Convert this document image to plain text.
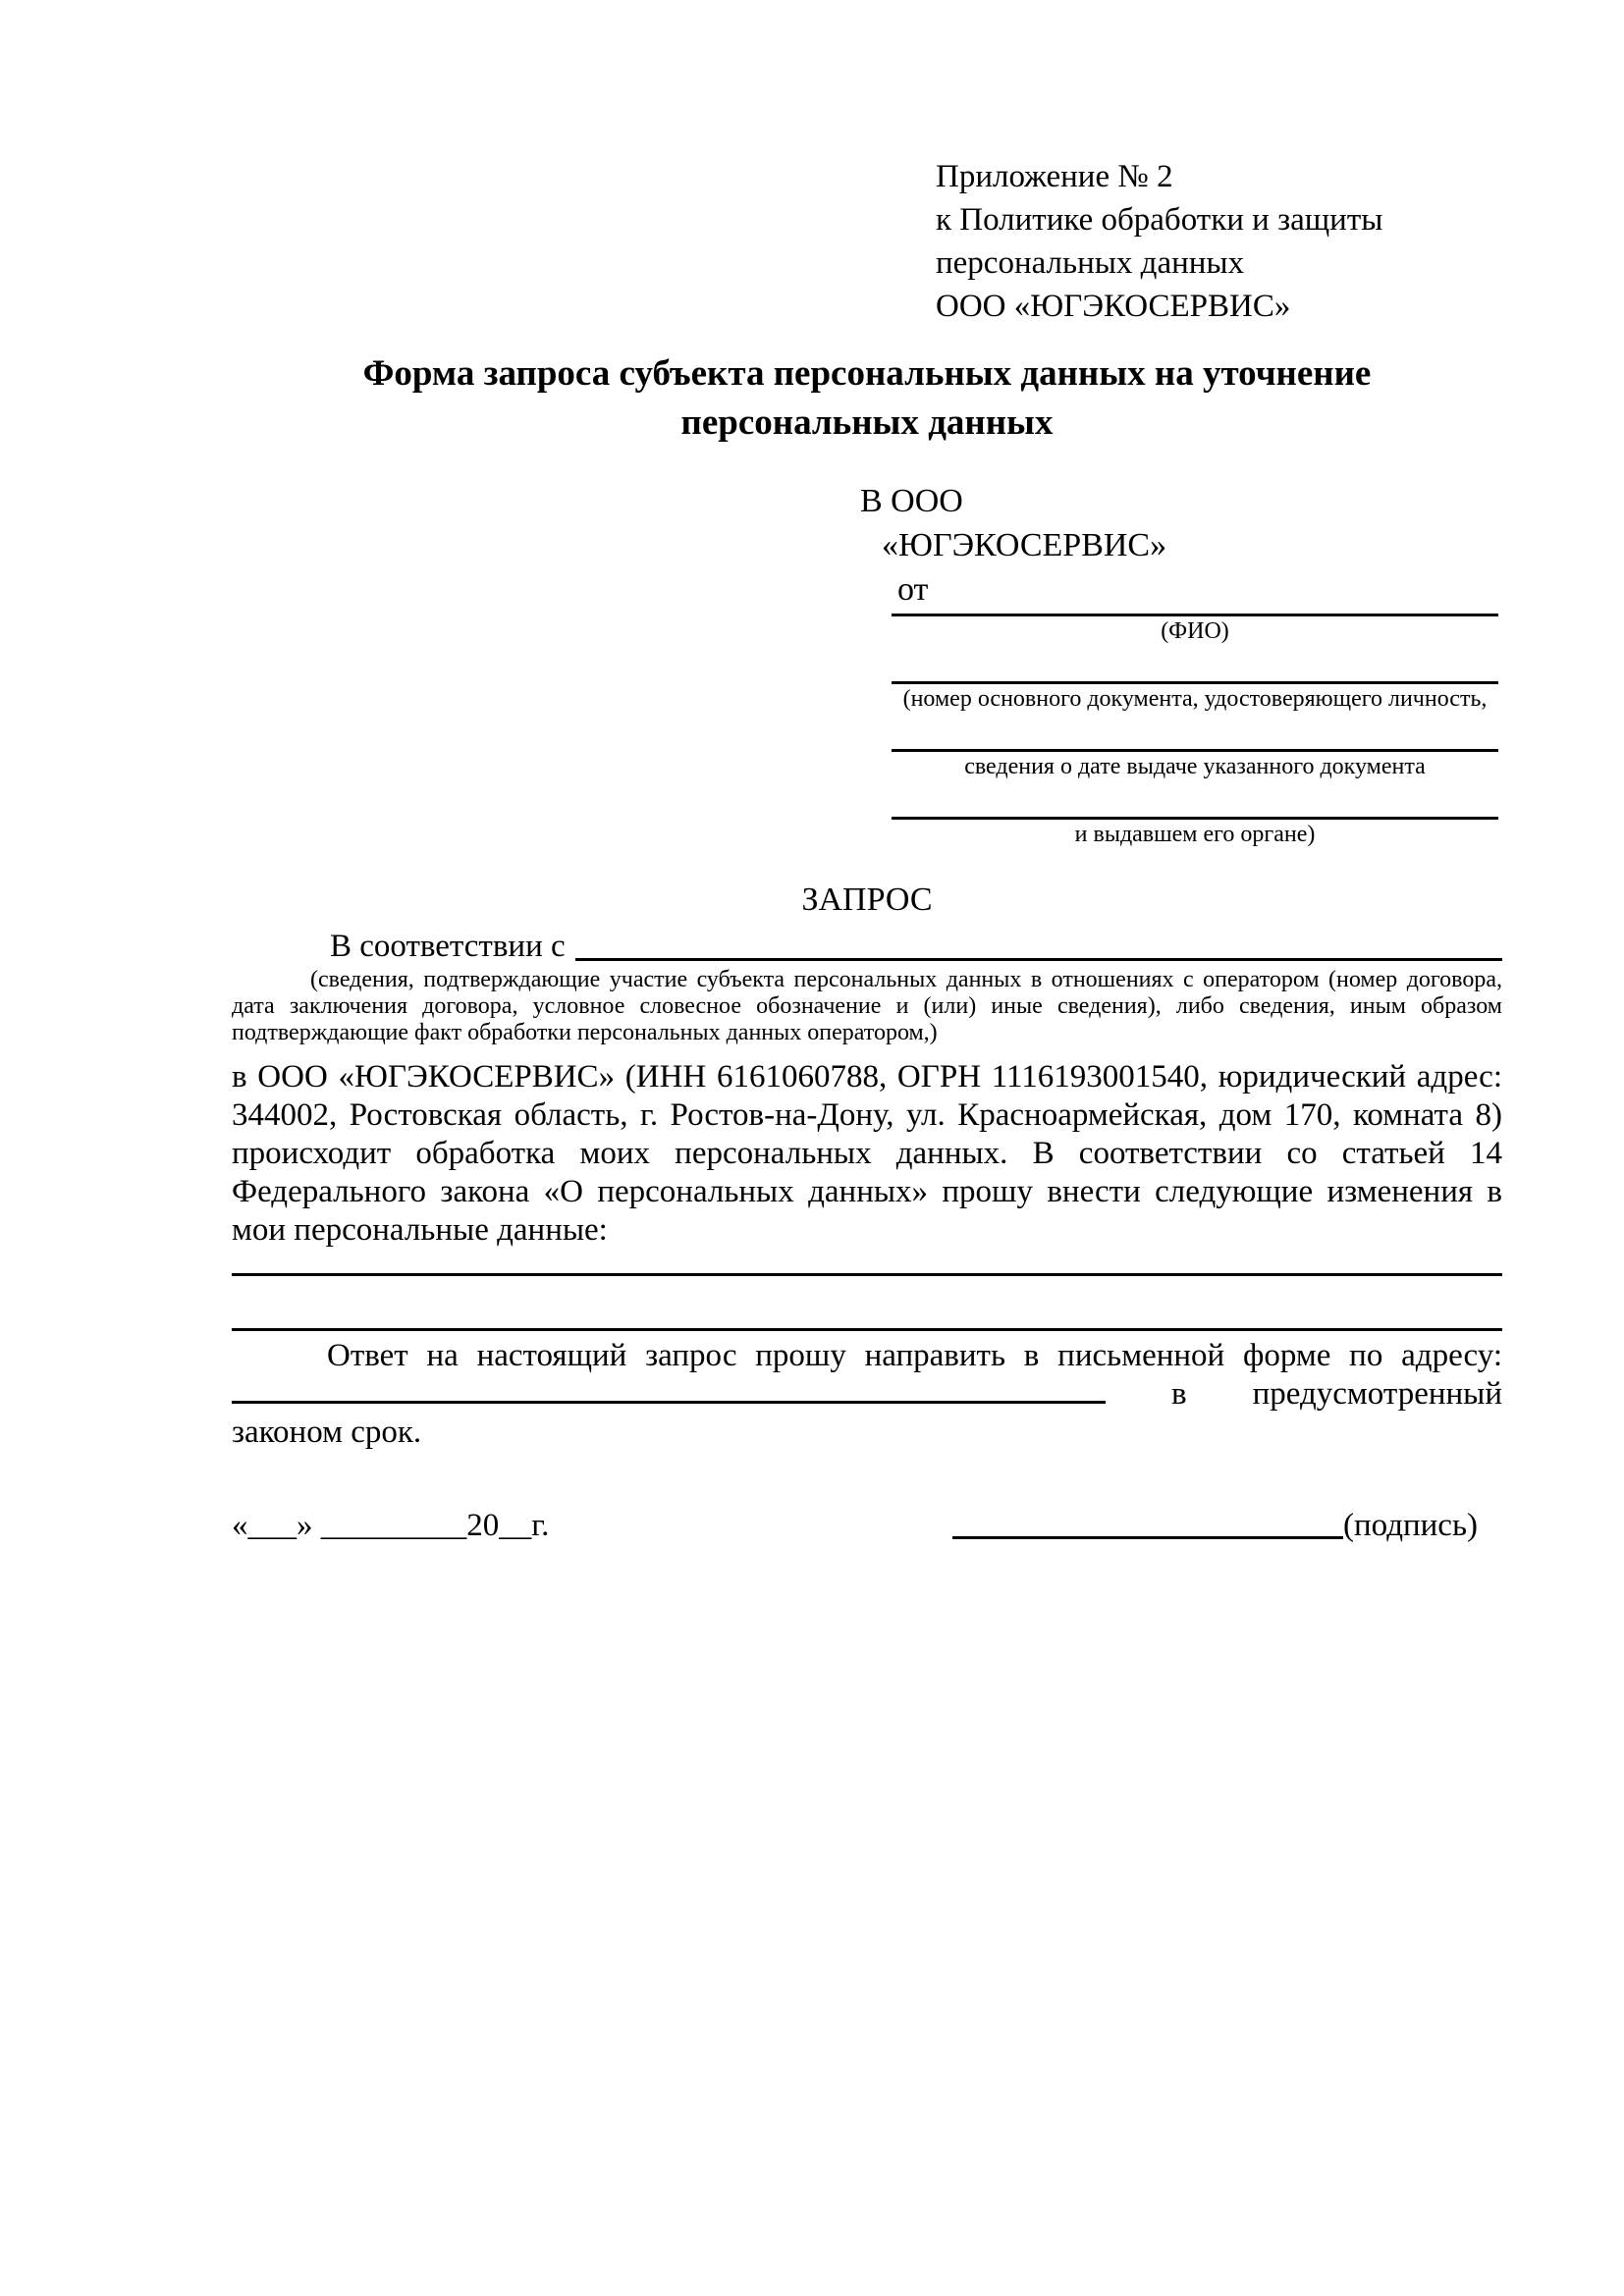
Приложение № 2
к Политике обработки и защиты персональных данных
ООО «ЮГЭКОСЕРВИС»
Форма запроса субъекта персональных данных на уточнение
персональных данных
В ООО
«ЮГЭКОСЕРВИС»
от
(ФИО)
(номер основного документа, удостоверяющего личность,
сведения о дате выдаче указанного документа
и выдавшем его органе)
ЗАПРОС
В соответствии с
(сведения, подтверждающие участие субъекта персональных данных в отношениях с оператором (номер договора, дата заключения договора, условное словесное обозначение и (или) иные сведения), либо сведения, иным образом подтверждающие факт обработки персональных данных оператором,)
в ООО «ЮГЭКОСЕРВИС» (ИНН 6161060788, ОГРН 1116193001540, юридический адрес: 344002, Ростовская область, г. Ростов-на-Дону, ул. Красноармейская, дом 170, комната 8) происходит обработка моих персональных данных. В соответствии со статьей 14 Федерального закона «О персональных данных» прошу внести следующие изменения в мои персональные данные:
Ответ на настоящий запрос прошу направить в письменной форме по адресу:  в предусмотренный законом срок.
«___» _________20__г.	(подпись)
